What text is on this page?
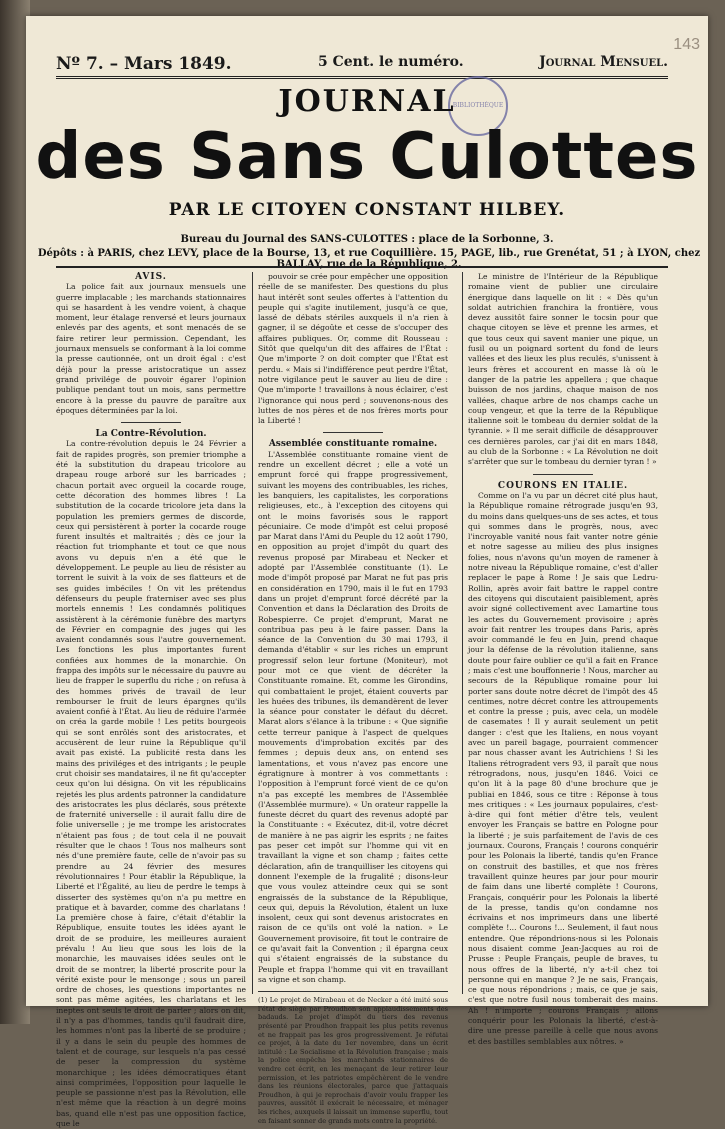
143
Nº 7. – Mars 1849.	5 Cent. le numéro.	Journal Mensuel.
BIBLIOTHÈQUE
JOURNAL
des Sans Culottes
PAR LE CITOYEN CONSTANT HILBEY.
Bureau du Journal des SANS-CULOTTES : place de la Sorbonne, 3.
Dépôts : à PARIS, chez LEVY, place de la Bourse, 13, et rue Coquillière. 15, PAGE, lib., rue Grenétat, 51 ; à LYON, chez BALLAY, rue de la République, 2.

AVIS.

La police fait aux journaux mensuels une guerre implacable ; les marchands stationnaires qui se hasardent à les vendre voient, à chaque moment, leur étalage renversé et leurs journaux enlevés par des agents, et sont menacés de se faire retirer leur permission. Cependant, les journaux mensuels se conformant à la loi comme la presse cautionnée, ont un droit égal : c'est déjà pour la presse aristocratique un assez grand privilége de pouvoir égarer l'opinion publique pendant tout un mois, sans permettre encore à la presse du pauvre de paraître aux époques déterminées par la loi.

La Contre-Révolution.

La contre-révolution depuis le 24 Février a fait de rapides progrès, son premier triomphe a été la substitution du drapeau tricolore au drapeau rouge arboré sur les barricades ; chacun portait avec orgueil la cocarde rouge, cette décoration des hommes libres ! La substitution de la cocarde tricolore jeta dans la population les premiers germes de discorde, ceux qui persistèrent à porter la cocarde rouge furent insultés et maltraités ; dès ce jour la réaction fut triomphante et tout ce que nous avons vu depuis n'en a été que le développement. Le peuple au lieu de résister au torrent le suivit à la voix de ses flatteurs et de ses guides imbéciles ! On vit les prétendus défenseurs du peuple fraterniser avec ses plus mortels ennemis ! Les condamnés politiques assistèrent à la cérémonie funèbre des martyrs de Février en compagnie des juges qui les avaient condamnés sous l'autre gouvernement. Les fonctions les plus importantes furent confiées aux hommes de la monarchie. On frappa des impôts sur le nécessaire du pauvre au lieu de frapper le superflu du riche ; on refusa à des hommes privés de travail de leur rembourser le fruit de leurs épargnes qu'ils avaient confié à l'État. Au lieu de réduire l'armée on créa la garde mobile ! Les petits bourgeois qui se sont enrôlés sont des aristocrates, et accusèrent de leur ruine la République qu'il avait pas existé. La publicité resta dans les mains des priviléges et des intrigants ; le peuple crut choisir ses mandataires, il ne fit qu'accepter ceux qu'on lui désigna. On vit les républicains rejetés les plus ardents patronner la candidature des aristocrates les plus déclarés, sous prétexte de fraternité universelle : il aurait fallu dire de folie universelle ; je me trompe les aristocrates n'étaient pas fous ; de tout cela il ne pouvait résulter que le chaos ! Tous nos malheurs sont nés d'une première faute, celle de n'avoir pas su prendre au 24 février des mesures révolutionnaires ! Pour établir la République, la Liberté et l'Égalité, au lieu de perdre le temps à disserter des systèmes qu'on n'a pu mettre en pratique et à bavarder, comme des charlatans ! La première chose à faire, c'était d'établir la République, ensuite toutes les idées ayant le droit de se produire, les meilleures auraient prévalu ! Au lieu que sous les lois de la monarchie, les mauvaises idées seules ont le droit de se montrer, la liberté proscrite pour la vérité existe pour le mensonge ; sous un pareil ordre de choses, les questions importantes ne sont pas même agitées, les charlatans et les ineptes ont seuls le droit de parler ; alors on dit, il n'y a pas d'hommes, tandis qu'il faudrait dire, les hommes n'ont pas la liberté de se produire ; il y a dans le sein du peuple des hommes de talent et de courage, sur lesquels n'a pas cessé de peser la compression du système monarchique ; les idées démocratiques étant ainsi comprimées, l'opposition pour laquelle le peuple se passionne n'est pas la Révolution, elle n'est même que la réaction à un degré moins bas, quand elle n'est pas une opposition factice, que le

pouvoir se crée pour empêcher une opposition réelle de se manifester. Des questions du plus haut intérêt sont seules offertes à l'attention du peuple qui s'agite inutilement, jusqu'à ce que, lassé de débats stériles auxquels il n'a rien à gagner, il se dégoûte et cesse de s'occuper des affaires publiques. Or, comme dit Rousseau : Sitôt que quelqu'un dit des affaires de l'État : Que m'importe ? on doit compter que l'État est perdu. « Mais si l'indifférence peut perdre l'État, notre vigilance peut le sauver au lieu de dire : Que m'importe ! travaillons à nous éclairer, c'est l'ignorance qui nous perd ; souvenons-nous des luttes de nos pères et de nos frères morts pour la Liberté !

Assemblée constituante romaine.

L'Assemblée constituante romaine vient de rendre un excellent décret ; elle a voté un emprunt forcé qui frappe progressivement, suivant les moyens des contribuables, les riches, les banquiers, les capitalistes, les corporations religieuses, etc., à l'exception des citoyens qui ont le moins favorisés sous le rapport pécuniaire. Ce mode d'impôt est celui proposé par Marat dans l'Ami du Peuple du 12 août 1790, en opposition au projet d'impôt du quart des revenus proposé par Mirabeau et Necker et adopté par l'Assemblée constituante (1). Le mode d'impôt proposé par Marat ne fut pas pris en considération en 1790, mais il le fut en 1793 dans un projet d'emprunt forcé décrété par la Convention et dans la Déclaration des Droits de Robespierre. Ce projet d'emprunt, Marat ne contribua pas peu à le faire passer. Dans la séance de la Convention du 30 mai 1793, il demanda d'établir « sur les riches un emprunt progressif selon leur fortune (Moniteur), mot pour mot ce que vient de décréter la Constituante romaine. Et, comme les Girondins, qui combattaient le projet, étaient couverts par les huées des tribunes, ils demandèrent de lever la séance pour constater le défaut du décret. Marat alors s'élance à la tribune : « Que signifie cette terreur panique à l'aspect de quelques mouvements d'improbation excités par des femmes ; depuis deux ans, on entend ses lamentations, et vous n'avez pas encore une égratignure à montrer à vos commettants : l'opposition à l'emprunt forcé vient de ce qu'on n'a pas excepté les membres de l'Assemblée (l'Assemblée murmure). « Un orateur rappelle la funeste décret du quart des revenus adopté par la Constituante : « Exécutez, dit-il, votre décret de manière à ne pas aigrir les esprits ; ne faites pas peser cet impôt sur l'homme qui vit en travaillant la vigne et son champ ; faites cette déclaration, afin de tranquilliser les citoyens qui donnent l'exemple de la frugalité ; disons-leur que vous voulez atteindre ceux qui se sont engraissés de la substance de la République, ceux qui, depuis la Révolution, étalent un luxe insolent, ceux qui sont devenus aristocrates en raison de ce qu'ils ont volé la nation. » Le Gouvernement provisoire, fit tout le contraire de ce qu'avait fait la Convention ; il épargna ceux qui s'étaient engraissés de la substance du Peuple et frappa l'homme qui vit en travaillant sa vigne et son champ.

(1) Le projet de Mirabeau et de Necker a été imité sous l'état de siège par Proudhon son applaudissements des badauds. Le projet d'impôt du tiers des revenus présenté par Proudhon frappait les plus petits revenus et ne frappait pas les gros progressivement. Je réfutai ce projet, à la date du 1er novembre, dans un écrit intitulé : Le Socialisme et la Révolution française ; mais la police empêcha les marchands stationnaires de vendre cet écrit, en les menaçant de leur retirer leur permission, et les patriotes empêchèrent de le vendre dans les réunions électorales, parce que j'attaquais Proudhon, à qui je reprochais d'avoir voulu frapper les pauvres, aussitôt il exécrait le nécessaire, et ménager les riches, auxquels il laissait un immense superflu, tout en faisant sonner de grands mots contre la propriété.

Le ministre de l'Intérieur de la République romaine vient de publier une circulaire énergique dans laquelle on lit : « Dès qu'un soldat autrichien franchira la frontière, vous devez aussitôt faire sonner le tocsin pour que chaque citoyen se lève et prenne les armes, et que tous ceux qui savent manier une pique, un fusil ou un poignard sortent du fond de leurs vallées et des lieux les plus reculés, s'unissent à leurs frères et accourent en masse là où le danger de la patrie les appellera ; que chaque buisson de nos jardins, chaque maison de nos vallées, chaque arbre de nos champs cache un coup vengeur, et que la terre de la République italienne soit le tombeau du dernier soldat de la tyrannie. » Il me serait difficile de désapprouver ces dernières paroles, car j'ai dit en mars 1848, au club de la Sorbonne : « La Révolution ne doit s'arrêter que sur le tombeau du dernier tyran ! »

COURONS EN ITALIE.

Comme on l'a vu par un décret cité plus haut, la République romaine rétrograde jusqu'en 93, du moins dans quelques-uns de ses actes, et tous qui sommes dans le progrès, nous, avec l'incroyable vanité nous fait vanter notre génie et notre sagesse au milieu des plus insignes folies, nous n'avons qu'un moyen de ramener à notre niveau la République romaine, c'est d'aller replacer le pape à Rome ! Je sais que Ledru-Rollin, après avoir fait battre le rappel contre des citoyens qui discutaient paisiblement, après avoir signé collectivement avec Lamartine tous les actes du Gouvernement provisoire ; après avoir fait rentrer les troupes dans Paris, après avoir commandé le feu en Juin, prend chaque jour la défense de la révolution italienne, sans doute pour faire oublier ce qu'il a fait en France ; mais c'est une bouffonnerie ! Nous, marcher au secours de la République romaine pour lui porter sans doute notre décret de l'impôt des 45 centimes, notre décret contre les attroupements et contre la presse ; puis, avec cela, un modèle de casemates ! Il y aurait seulement un petit danger : c'est que les Italiens, en nous voyant avec un pareil bagage, pourraient commencer par nous chasser avant les Autrichiens ! Si les Italiens rétrogradent vers 93, il paraît que nous rétrogradons, nous, jusqu'en 1846. Voici ce qu'on lit à la page 80 d'une brochure que je publiai en 1846, sous ce titre : Réponse à tous mes critiques : « Les journaux populaires, c'est-à-dire qui font métier d'être tels, veulent envoyer les Français se battre en Pologne pour la liberté ; je suis parfaitement de l'avis de ces journaux. Courons, Français ! courons conquérir pour les Polonais la liberté, tandis qu'en France on construit des bastilles, et que nos frères travaillent quinze heures par jour pour mourir de faim dans une liberté complète ! Courons, Français, conquérir pour les Polonais la liberté de la presse, tandis qu'on condamne nos écrivains et nos imprimeurs dans une liberté complète !... Courons !... Seulement, il faut nous entendre. Que répondrions-nous si les Polonais nous disaient comme Jean-Jacques au roi de Prusse : Peuple Français, peuple de braves, tu nous offres de la liberté, n'y a-t-il chez toi personne qui en manque ? Je ne sais, Français, ce que nous répondrions ; mais, ce que je sais, c'est que notre fusil nous tomberait des mains. Ah ! n'importe ; courons Français ; allons conquérir pour les Polonais la liberté, c'est-à-dire une presse pareille à celle que nous avons et des bastilles semblables aux nôtres. »
